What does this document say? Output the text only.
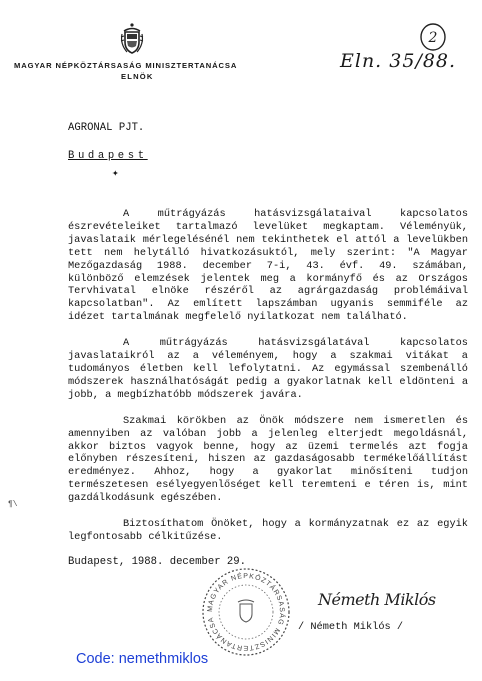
MAGYAR NÉPKÖZTÁRSASÁG MINISZTERTANÁCSA
ELNÖK
2
Eln. 35/88.
AGRONAL PJT.
Budapest
✦

A műtrágyázás hatásvizsgálataival kapcsolatos észrevételeiket tartalmazó levelüket megkaptam. Véleményük, javaslataik mérlegelésénél nem tekinthetek el attól a levelükben tett nem helytálló hivatkozásuktól, mely szerint: "A Magyar Mezőgazdaság 1988. december 7-i, 43. évf. 49. számában, különböző elemzések jelentek meg a kormányfő és az Országos Tervhivatal elnöke részéről az agrárgazdaság problémáival kapcsolatban". Az említett lapszámban ugyanis semmiféle az idézet tartalmának megfelelő nyilatkozat nem található.

A műtrágyázás hatásvizsgálatával kapcsolatos javaslataikról az a véleményem, hogy a szakmai vitákat a tudományos életben kell lefolytatni. Az egymással szembenálló módszerek használhatóságát pedig a gyakorlatnak kell eldönteni a jobb, a megbízhatóbb módszerek javára.

Szakmai körökben az Önök módszere nem ismeretlen és amennyiben az valóban jobb a jelenleg elterjedt megoldásnál, akkor biztos vagyok benne, hogy az üzemi termelés azt fogja előnyben részesíteni, hiszen az gazdaságosabb termékelőállítást eredményez. Ahhoz, hogy a gyakorlat minősíteni tudjon természetesen esélyegyenlőséget kell teremteni e téren is, mint gazdálkodásunk egészében.

Biztosíthatom Önöket, hogy a kormányzatnak ez az egyik legfontosabb célkitűzése.

¶\
Budapest, 1988. december 29.
MAGYAR NÉPKÖZTÁRSASÁG MINISZTERTANÁCSA
Németh Miklós
/ Németh Miklós /
Code: nemethmiklos
